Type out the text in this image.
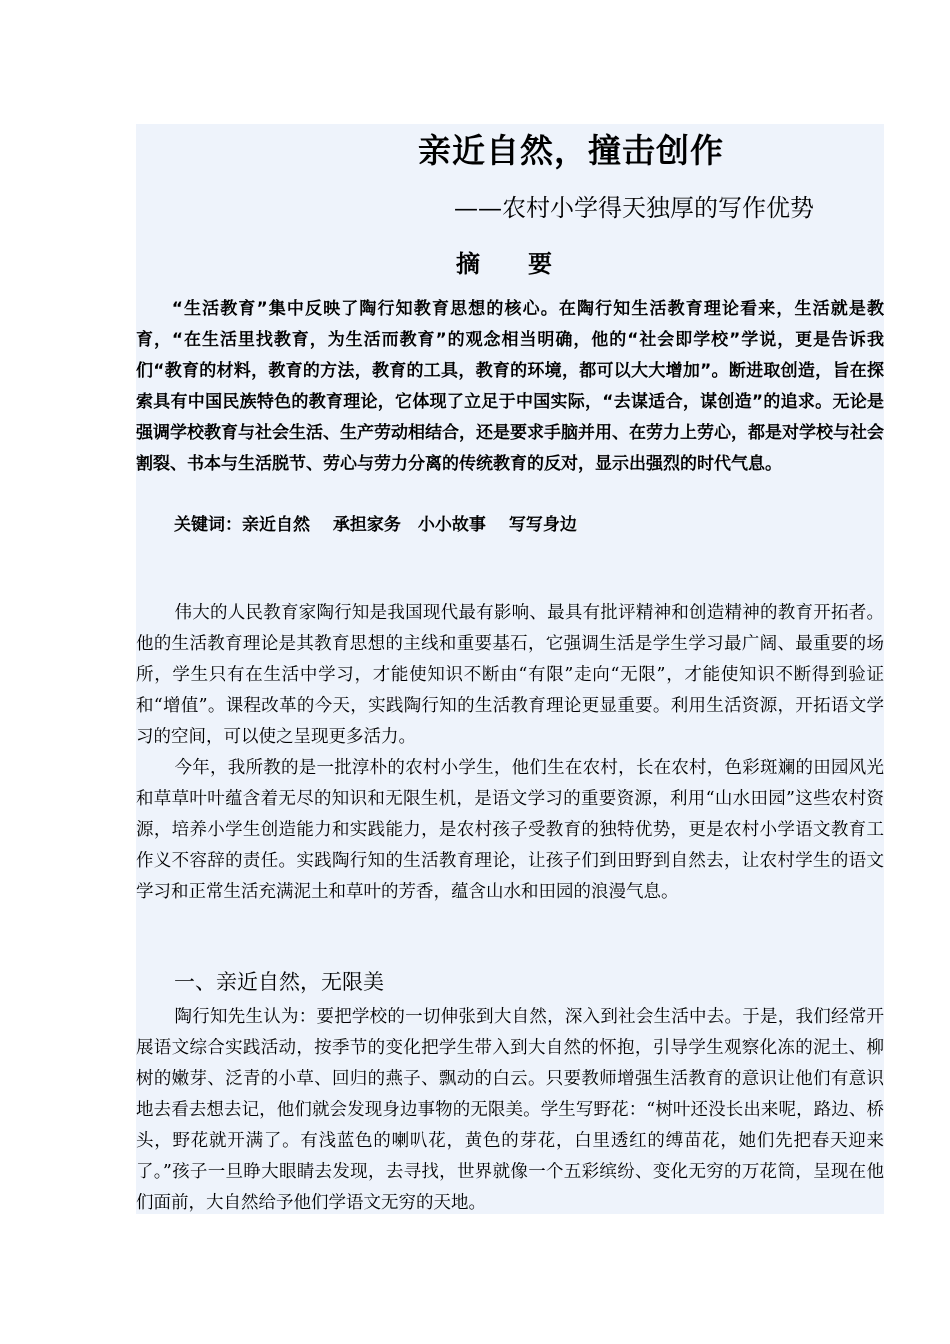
亲近自然，撞击创作
——农村小学得天独厚的写作优势
摘　要

“生活教育”集中反映了陶行知教育思想的核心。在陶行知生活教育理论看来，生活就是教育，“在生活里找教育，为生活而教育”的观念相当明确，他的“社会即学校”学说，更是告诉我们“教育的材料，教育的方法，教育的工具，教育的环境，都可以大大增加”。断进取创造，旨在探索具有中国民族特色的教育理论，它体现了立足于中国实际，“去谋适合，谋创造”的追求。无论是强调学校教育与社会生活、生产劳动相结合，还是要求手脑并用、在劳力上劳心，都是对学校与社会割裂、书本与生活脱节、劳心与劳力分离的传统教育的反对，显示出强烈的时代气息。

关键词：亲近自然　 承担家务　小小故事　 写写身边

伟大的人民教育家陶行知是我国现代最有影响、最具有批评精神和创造精神的教育开拓者。他的生活教育理论是其教育思想的主线和重要基石，它强调生活是学生学习最广阔、最重要的场所，学生只有在生活中学习，才能使知识不断由“有限”走向“无限”，才能使知识不断得到验证和“增值”。课程改革的今天，实践陶行知的生活教育理论更显重要。利用生活资源，开拓语文学习的空间，可以使之呈现更多活力。

今年，我所教的是一批淳朴的农村小学生，他们生在农村，长在农村，色彩斑斓的田园风光和草草叶叶蕴含着无尽的知识和无限生机，是语文学习的重要资源，利用“山水田园”这些农村资源，培养小学生创造能力和实践能力，是农村孩子受教育的独特优势，更是农村小学语文教育工作义不容辞的责任。实践陶行知的生活教育理论，让孩子们到田野到自然去，让农村学生的语文学习和正常生活充满泥土和草叶的芳香，蕴含山水和田园的浪漫气息。

一、亲近自然，无限美

陶行知先生认为：要把学校的一切伸张到大自然，深入到社会生活中去。于是，我们经常开展语文综合实践活动，按季节的变化把学生带入到大自然的怀抱，引导学生观察化冻的泥土、柳树的嫩芽、泛青的小草、回归的燕子、飘动的白云。只要教师增强生活教育的意识让他们有意识地去看去想去记，他们就会发现身边事物的无限美。学生写野花：“树叶还没长出来呢，路边、桥头，野花就开满了。有浅蓝色的喇叭花，黄色的芽花，白里透红的缚苗花，她们先把春天迎来了。”孩子一旦睁大眼睛去发现，去寻找，世界就像一个五彩缤纷、变化无穷的万花筒，呈现在他们面前，大自然给予他们学语文无穷的天地。
